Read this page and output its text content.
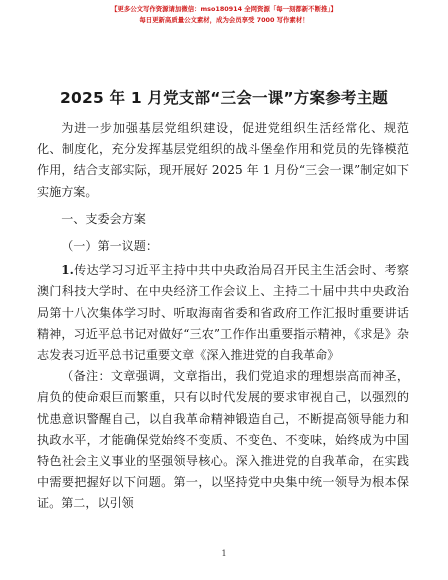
【更多公文写作资源请加微信：mso180914 全网资源「每一刻都新不断推」】
每日更新高质量公文素材，成为会员享受 7000 写作素材！
2025 年 1 月党支部“三会一课”方案参考主题

为进一步加强基层党组织建设，促进党组织生活经常化、规范化、制度化，充分发挥基层党组织的战斗堡垒作用和党员的先锋模范作用，结合支部实际，现开展好 2025 年 1 月份“三会一课”制定如下实施方案。

一、支委会方案

（一）第一议题：

1.传达学习习近平主持中共中央政治局召开民主生活会时、考察澳门科技大学时、在中央经济工作会议上、主持二十届中共中央政治局第十八次集体学习时、听取海南省委和省政府工作汇报时重要讲话精神，习近平总书记对做好“三农”工作作出重要指示精神，《求是》杂志发表习近平总书记重要文章《深入推进党的自我革命》

（备注：文章强调，文章指出，我们党追求的理想崇高而神圣，肩负的使命艰巨而繁重，只有以时代发展的要求审视自己，以强烈的忧患意识警醒自己，以自我革命精神锻造自己，不断提高领导能力和执政水平，才能确保党始终不变质、不变色、不变味，始终成为中国特色社会主义事业的坚强领导核心。深入推进党的自我革命，在实践中需要把握好以下问题。第一，以坚持党中央集中统一领导为根本保证。第二，以引领

1
